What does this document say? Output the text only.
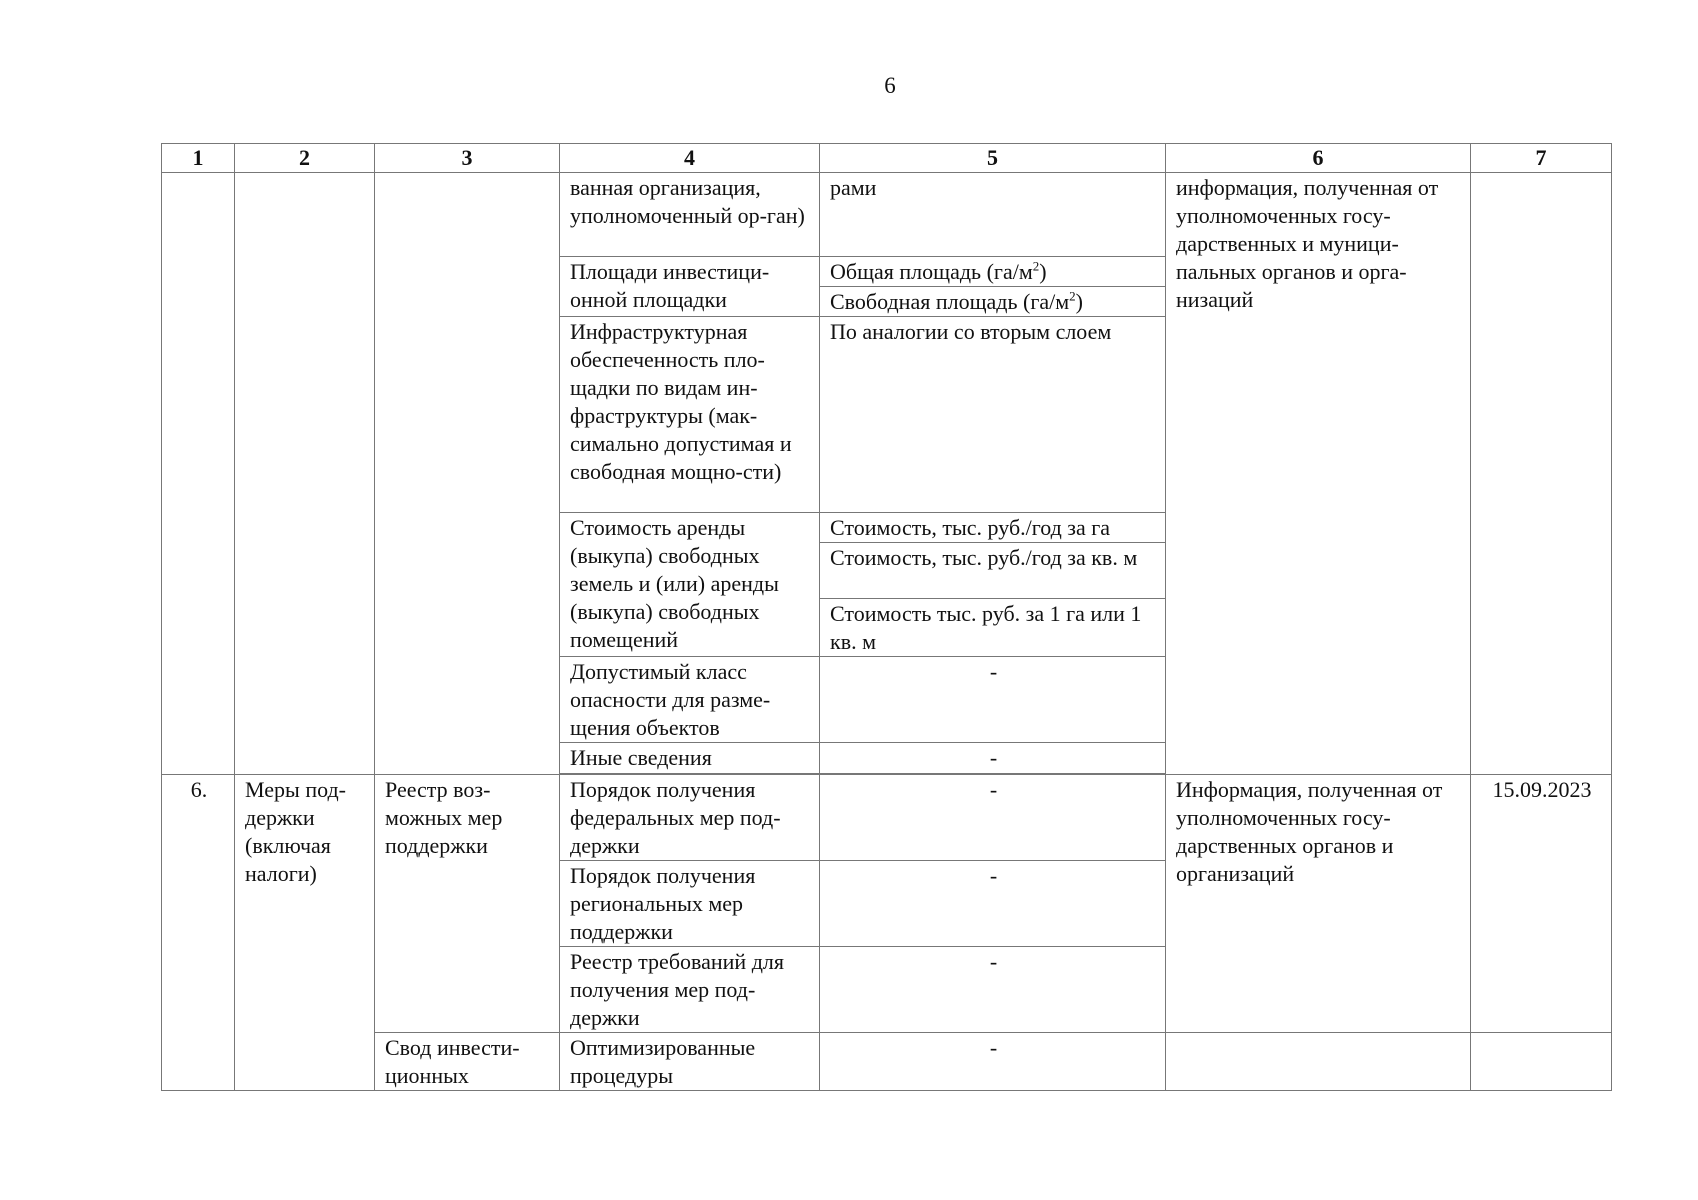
6
1	2	3	4	5	6	7
			ванная организация, уполномоченный ор-ган)	рами	информация, полученная от уполномоченных госу-дарственных и муници-пальных органов и орга-низаций	
			Площади инвестици-онной площадки	Общая площадь $(га/м^2)$		
				Свободная площадь $(га/м^2)$		
			Инфраструктурная обеспеченность пло-щадки по видам ин-фраструктуры (мак-симально допустимая и свободная мощно-сти)	По аналогии со вторым слоем		
			Стоимость аренды (выкупа) свободных земель и (или) аренды (выкупа) свободных помещений	Стоимость, тыс. руб./год за га		
				Стоимость, тыс. руб./год за кв. м		
				Стоимость тыс. руб. за 1 га или 1 кв. м		
			Допустимый класс опасности для разме-щения объектов	-		
			Иные сведения	-		

6.	Меры под-держки (включая налоги)	Реестр воз-можных мер поддержки	Порядок получения федеральных мер под-держки	-	Информация, полученная от уполномоченных госу-дарственных органов и организаций	15.09.2023
			Порядок получения региональных мер поддержки	-		
			Реестр требований для получения мер под-держки	-		
		Свод инвести-ционных	Оптимизированные процедуры	-		
